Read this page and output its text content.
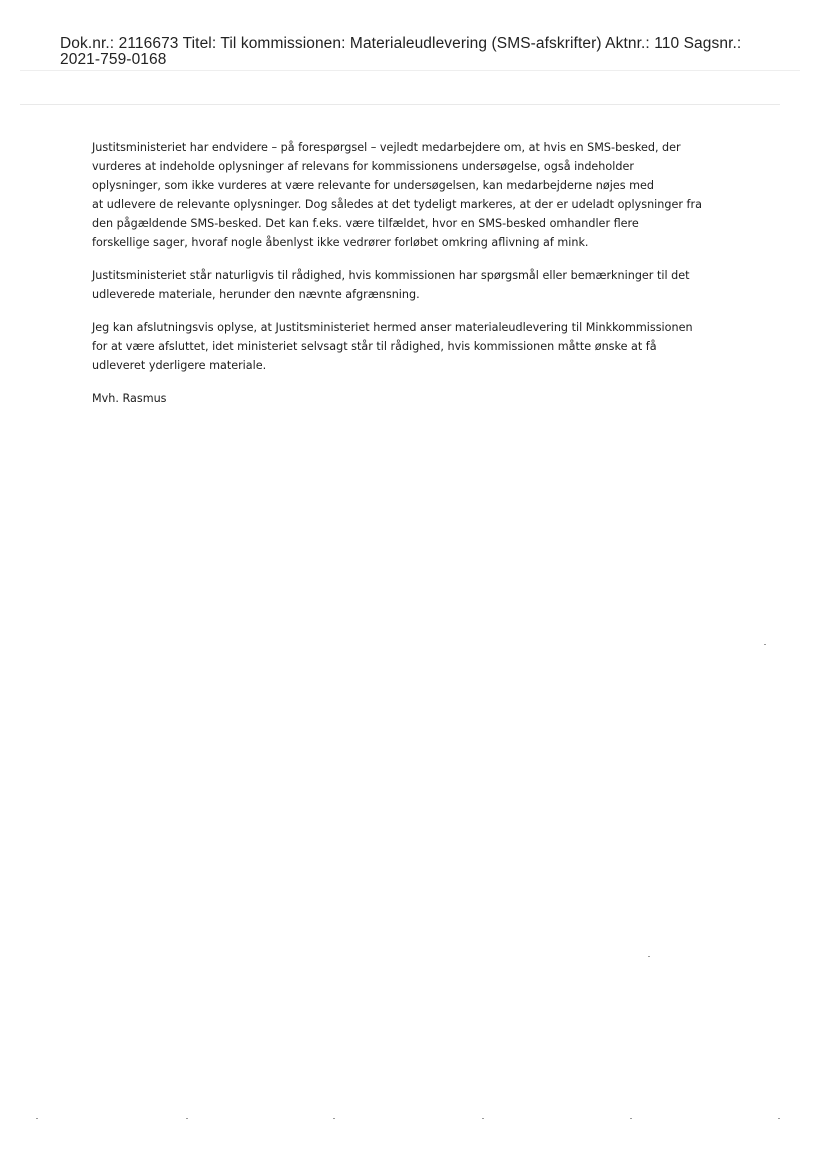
Dok.nr.: 2116673 Titel: Til kommissionen: Materialeudlevering (SMS-afskrifter) Aktnr.: 110 Sagsnr.:
2021-759-0168

Justitsministeriet har endvidere – på forespørgsel – vejledt medarbejdere om, at hvis en SMS-besked, der
vurderes at indeholde oplysninger af relevans for kommissionens undersøgelse, også indeholder
oplysninger, som ikke vurderes at være relevante for undersøgelsen, kan medarbejderne nøjes med
at udlevere de relevante oplysninger. Dog således at det tydeligt markeres, at der er udeladt oplysninger fra
den pågældende SMS-besked. Det kan f.eks. være tilfældet, hvor en SMS-besked omhandler flere
forskellige sager, hvoraf nogle åbenlyst ikke vedrører forløbet omkring aflivning af mink.

Justitsministeriet står naturligvis til rådighed, hvis kommissionen har spørgsmål eller bemærkninger til det
udleverede materiale, herunder den nævnte afgrænsning.

Jeg kan afslutningsvis oplyse, at Justitsministeriet hermed anser materialeudlevering til Minkkommissionen
for at være afsluttet, idet ministeriet selvsagt står til rådighed, hvis kommissionen måtte ønske at få
udleveret yderligere materiale.

Mvh. Rasmus
